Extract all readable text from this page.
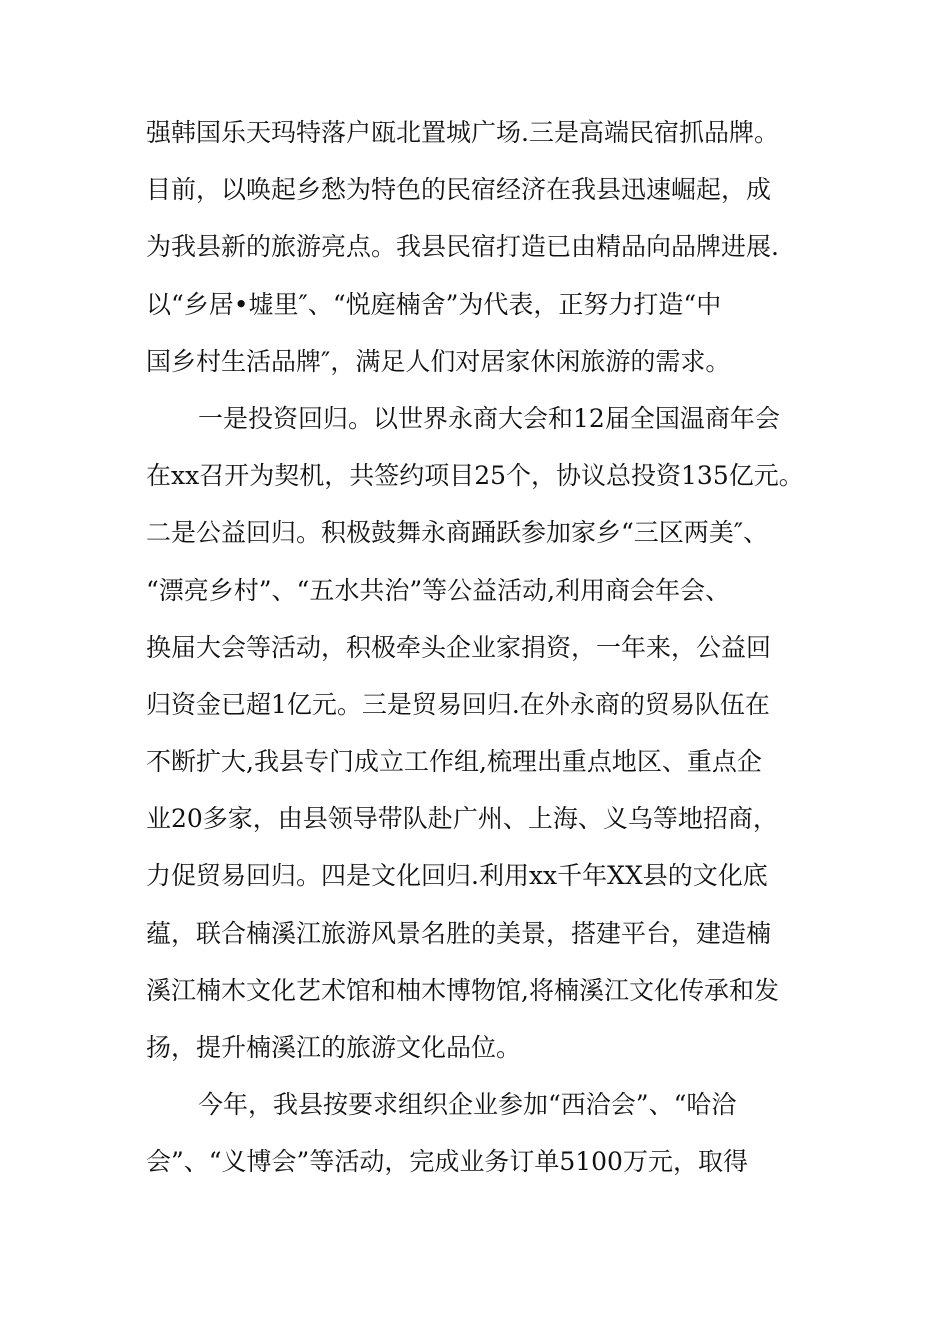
强韩国乐天玛特落户瓯北置城广场.三是高端民宿抓品牌。
目前，以唤起乡愁为特色的民宿经济在我县迅速崛起，成
为我县新的旅游亮点。我县民宿打造已由精品向品牌进展.
以“乡居•墟里″、“悦庭楠舍”为代表，正努力打造“中
国乡村生活品牌″，满足人们对居家休闲旅游的需求。
一是投资回归。以世界永商大会和12届全国温商年会
在xx召开为契机，共签约项目25个，协议总投资135亿元。
二是公益回归。积极鼓舞永商踊跃参加家乡“三区两美″、
“漂亮乡村”、“五水共治”等公益活动,利用商会年会、
换届大会等活动，积极牵头企业家捐资，一年来，公益回
归资金已超1亿元。三是贸易回归.在外永商的贸易队伍在
不断扩大,我县专门成立工作组,梳理出重点地区、重点企
业20多家，由县领导带队赴广州、上海、义乌等地招商，
力促贸易回归。四是文化回归.利用xx千年XX县的文化底
蕴，联合楠溪江旅游风景名胜的美景，搭建平台，建造楠
溪江楠木文化艺术馆和柚木博物馆,将楠溪江文化传承和发
扬，提升楠溪江的旅游文化品位。
今年，我县按要求组织企业参加“西洽会”、“哈洽
会”、“义博会”等活动，完成业务订单5100万元，取得
